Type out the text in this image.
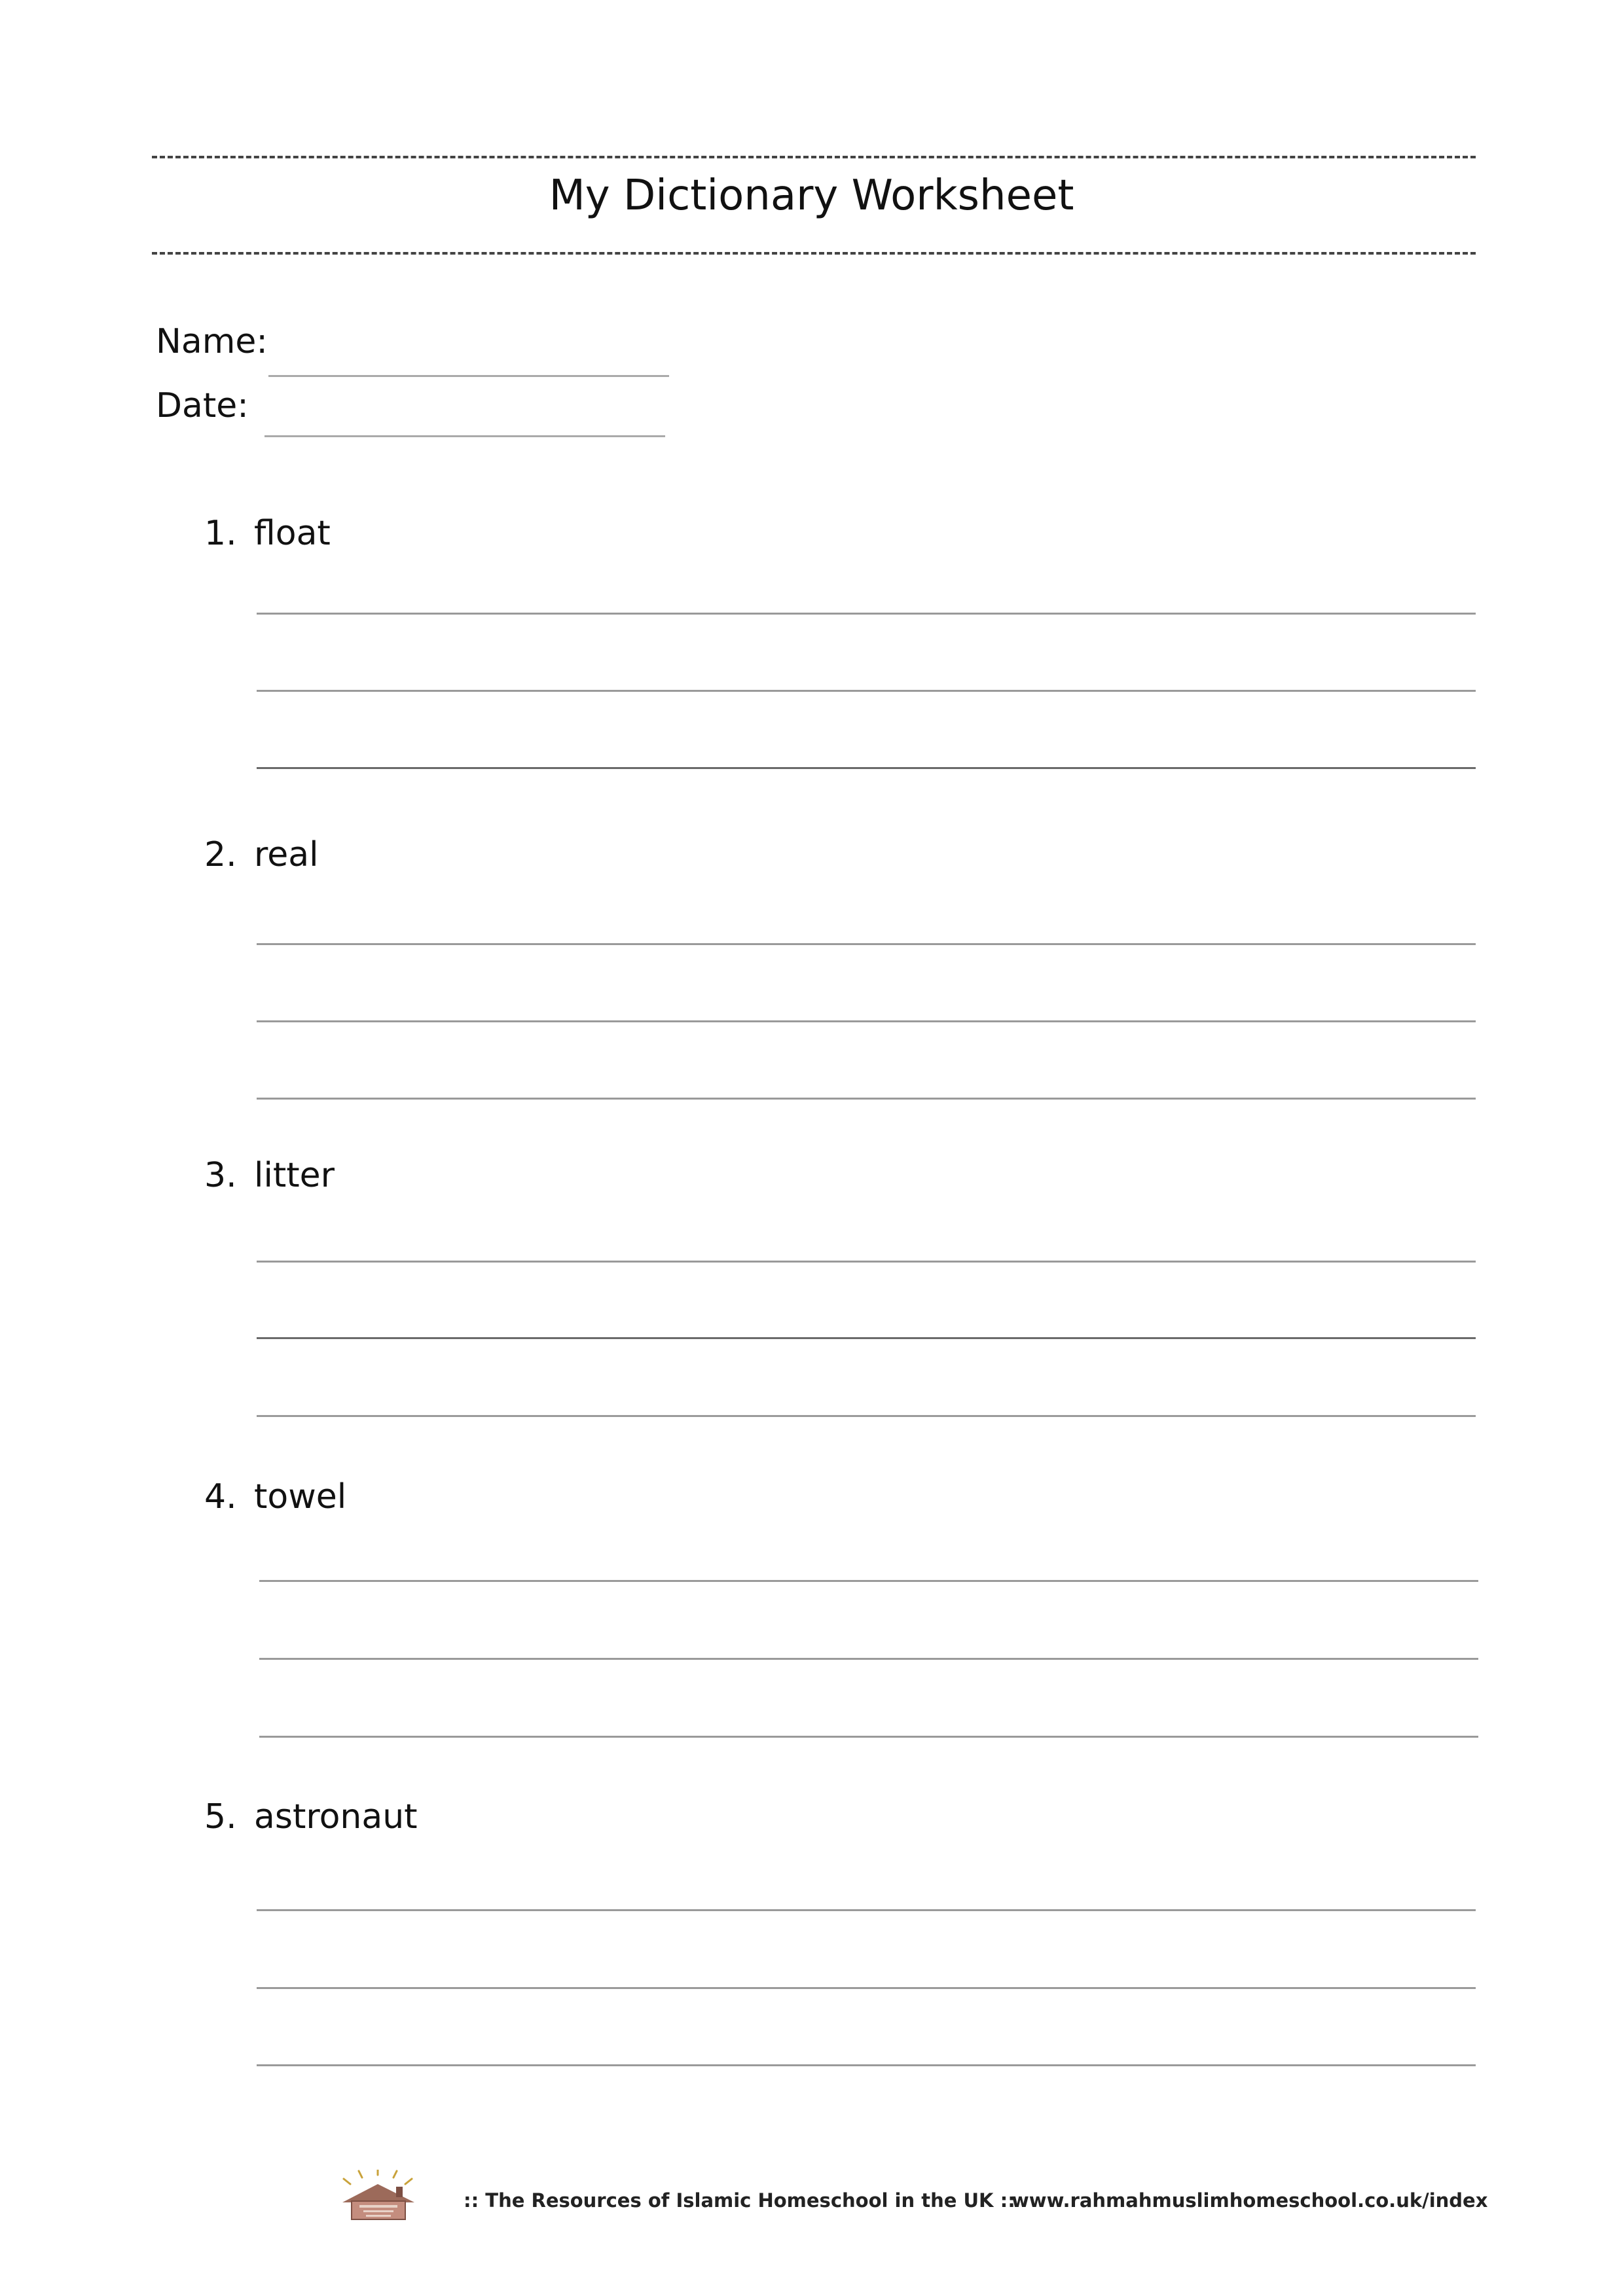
My Dictionary Worksheet
Name:
Date:
1. float
2. real
3. litter
4. towel
5. astronaut
:: The Resources of Islamic Homeschool in the UK ::
www.rahmahmuslimhomeschool.co.uk/index
